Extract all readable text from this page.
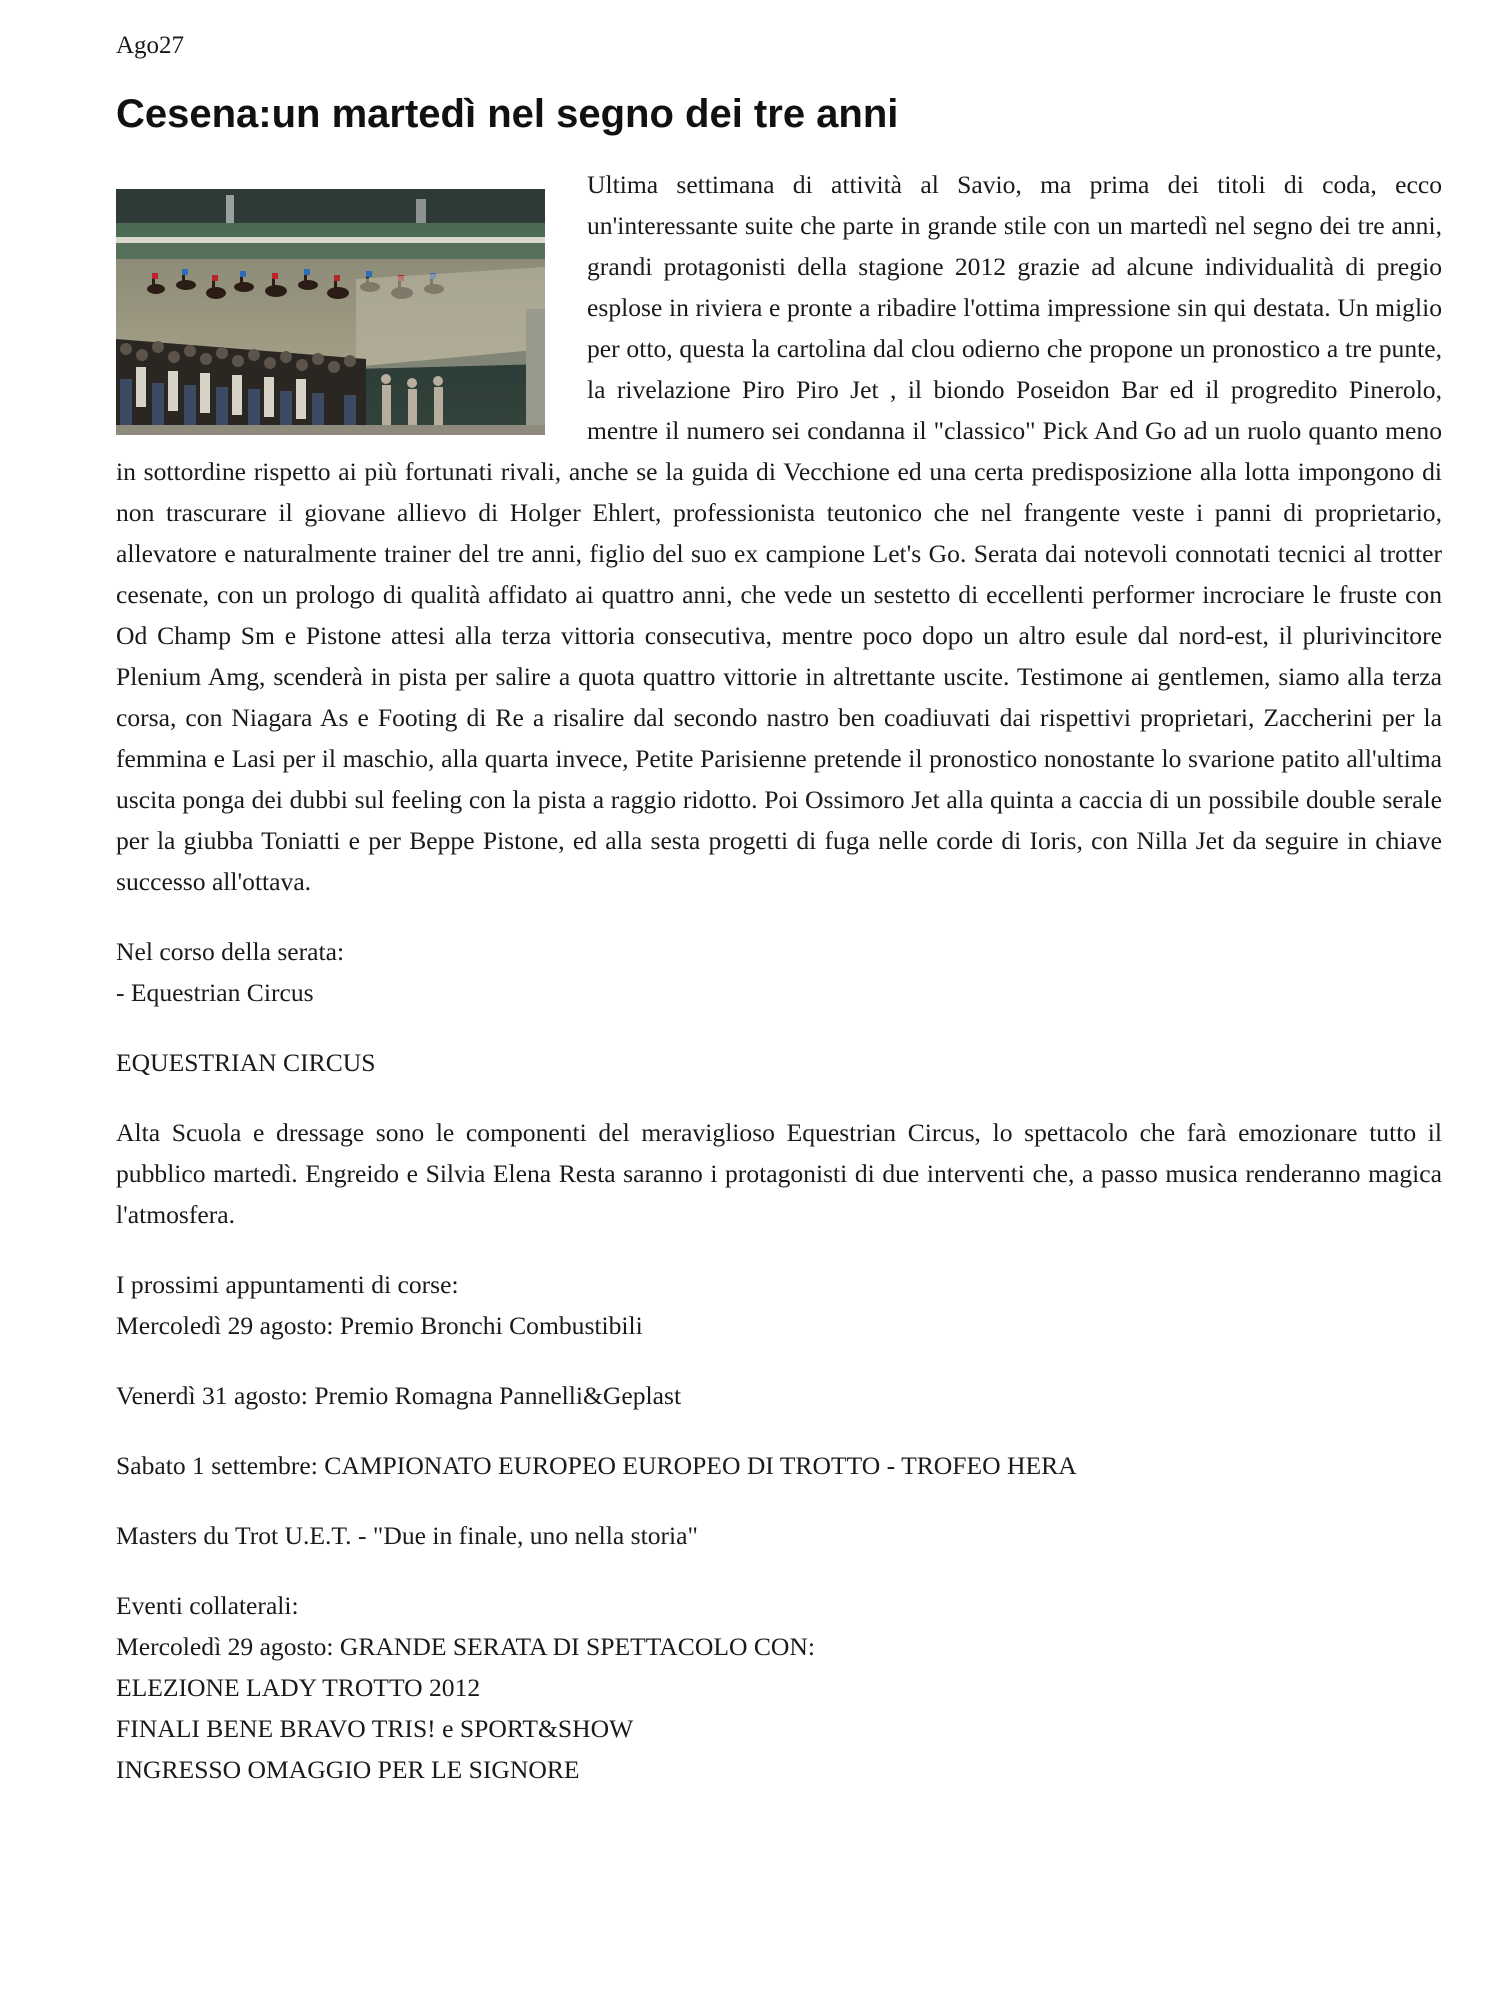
Ago27

Cesena:un martedì nel segno dei tre anni

Ultima settimana di attività al Savio, ma prima dei titoli di coda, ecco un'interessante suite che parte in grande stile con un martedì nel segno dei tre anni, grandi protagonisti della stagione 2012 grazie ad alcune individualità di pregio esplose in riviera e pronte a ribadire l'ottima impressione sin qui destata. Un miglio per otto, questa la cartolina dal clou odierno che propone un pronostico a tre punte, la rivelazione Piro Piro Jet , il biondo Poseidon Bar ed il progredito Pinerolo, mentre il numero sei condanna il "classico" Pick And Go ad un ruolo quanto meno in sottordine rispetto ai più fortunati rivali, anche se la guida di Vecchione ed una certa predisposizione alla lotta impongono di non trascurare il giovane allievo di Holger Ehlert, professionista teutonico che nel frangente veste i panni di proprietario, allevatore e naturalmente trainer del tre anni, figlio del suo ex campione Let's Go. Serata dai notevoli connotati tecnici al trotter cesenate, con un prologo di qualità affidato ai quattro anni, che vede un sestetto di eccellenti performer incrociare le fruste con Od Champ Sm e Pistone attesi alla terza vittoria consecutiva, mentre poco dopo un altro esule dal nord-est, il plurivincitore Plenium Amg, scenderà in pista per salire a quota quattro vittorie in altrettante uscite. Testimone ai gentlemen, siamo alla terza corsa, con Niagara As e Footing di Re a risalire dal secondo nastro ben coadiuvati dai rispettivi proprietari, Zaccherini per la femmina e Lasi per il maschio, alla quarta invece, Petite Parisienne pretende il pronostico nonostante lo svarione patito all'ultima uscita ponga dei dubbi sul feeling con la pista a raggio ridotto. Poi Ossimoro Jet alla quinta a caccia di un possibile double serale per la giubba Toniatti e per Beppe Pistone, ed alla sesta progetti di fuga nelle corde di Ioris, con Nilla Jet da seguire in chiave successo all'ottava.

Nel corso della serata:
- Equestrian Circus

EQUESTRIAN CIRCUS

Alta Scuola e dressage sono le componenti del meraviglioso Equestrian Circus, lo spettacolo che farà emozionare tutto il pubblico martedì. Engreido e Silvia Elena Resta saranno i protagonisti di due interventi che, a passo musica renderanno magica l'atmosfera.

I prossimi appuntamenti di corse:
Mercoledì 29 agosto: Premio Bronchi Combustibili

Venerdì 31 agosto: Premio Romagna Pannelli&Geplast

Sabato 1 settembre: CAMPIONATO EUROPEO EUROPEO DI TROTTO - TROFEO HERA

Masters du Trot U.E.T. - "Due in finale, uno nella storia"

Eventi collaterali:
Mercoledì 29 agosto: GRANDE SERATA DI SPETTACOLO CON:
ELEZIONE LADY TROTTO 2012
FINALI BENE BRAVO TRIS! e SPORT&SHOW
INGRESSO OMAGGIO PER LE SIGNORE
